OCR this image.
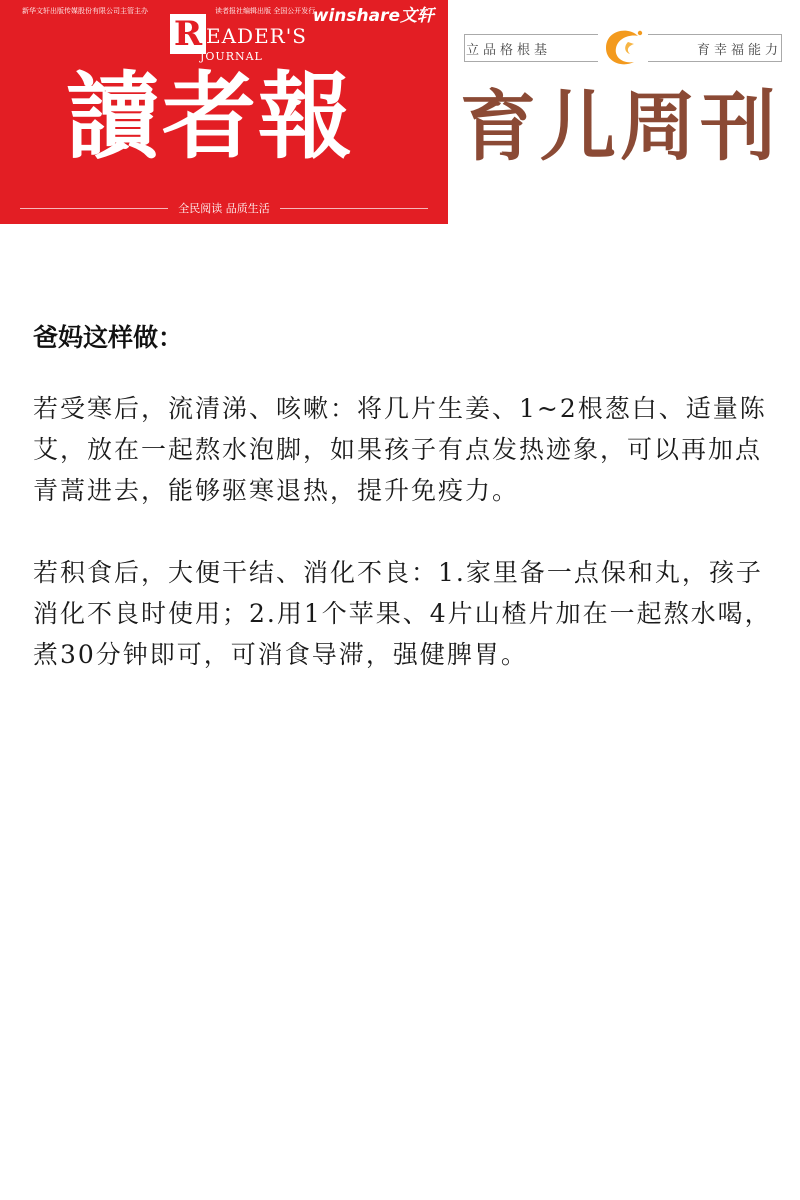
新华文轩出版传媒股份有限公司主管主办	读者报社编辑出版 全国公开发行
winshare文轩
R EADER'S
JOURNAL
讀者報
全民阅读 品质生活
立品格根基	育幸福能力
育儿周刊
爸妈这样做：

若受寒后，流清涕、咳嗽：将几片生姜、1~2根葱白、适量陈艾，放在一起熬水泡脚，如果孩子有点发热迹象，可以再加点青蒿进去，能够驱寒退热，提升免疫力。

若积食后，大便干结、消化不良：1.家里备一点保和丸，孩子消化不良时使用；2.用1个苹果、4片山楂片加在一起熬水喝，煮30分钟即可，可消食导滞，强健脾胃。
